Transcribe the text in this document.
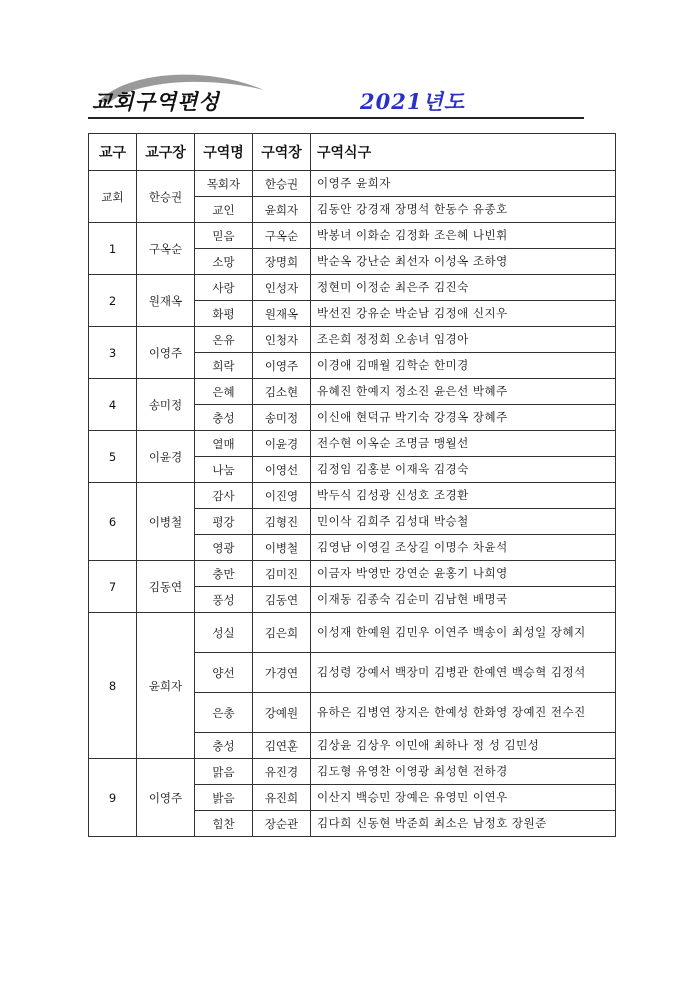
교회구역편성	2021년도
교구	교구장	구역명	구역장	구역식구
교회	한승권	목회자	한승권	이영주 윤희자
		교인	윤희자	김동안 강경재 장명석 한동수 유종호
1	구옥순	믿음	구옥순	박봉녀 이화순 김정화 조은혜 나빈휘
		소망	장명희	박순옥 강난순 최선자 이성옥 조하영
2	원재옥	사랑	인성자	정현미 이정순 최은주 김진숙
		화평	원재옥	박선진 강유순 박순남 김정애 신지우
3	이영주	온유	인청자	조은희 정정희 오송녀 임경아
		희락	이영주	이경애 김매월 김학순 한미경
4	송미정	은혜	김소현	유혜진 한예지 정소진 윤은선 박혜주
		충성	송미정	이신애 현덕규 박기숙 강경옥 장혜주
5	이윤경	열매	이윤경	전수현 이옥순 조명금 맹월선
		나눔	이영선	김정임 김홍분 이재욱 김경숙
6	이병철	감사	이진영	박두식 김성광 신성호 조경환
		평강	김형진	민이삭 김희주 김성대 박승철
		영광	이병철	김영남 이영길 조상길 이명수 차윤석
7	김동연	충만	김미진	이금자 박영만 강연순 윤홍기 나희영
		풍성	김동연	이재동 김종숙 김순미 김남현 배명국
8	윤희자	성실	김은희	이성재 한예원 김민우 이연주 백송이 최성일 장혜지
		양선	가경연	김성령 강예서 백장미 김병관 한예연 백승혁 김정석
		은총	강예원	유하은 김병연 장지은 한예성 한화영 장예진 전수진
		충성	김연훈	김상윤 김상우 이민애 최하나 정 성 김민성
9	이영주	맑음	유진경	김도형 유영찬 이영광 최성현 전하경
		밝음	유진희	이산지 백승민 장예은 유영민 이연우
		힘찬	장순관	김다희 신동현 박준희 최소은 남정호 장원준
